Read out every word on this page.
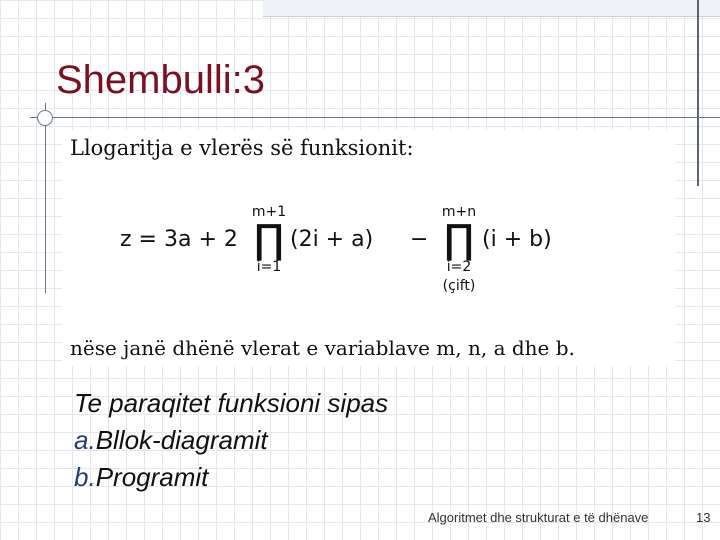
Shembulli:3
Llogaritja e vlerës së funksionit:
z = 3a + 2
m+1
∏
i=1
(2i + a) −
m+n
∏
i=2
(çift)
(i + b)
nëse janë dhënë vlerat e variablave m, n, a dhe b.
Te paraqitet funksioni sipas
a.Bllok-diagramit
b.Programit
Algoritmet dhe strukturat e të dhënave	13
